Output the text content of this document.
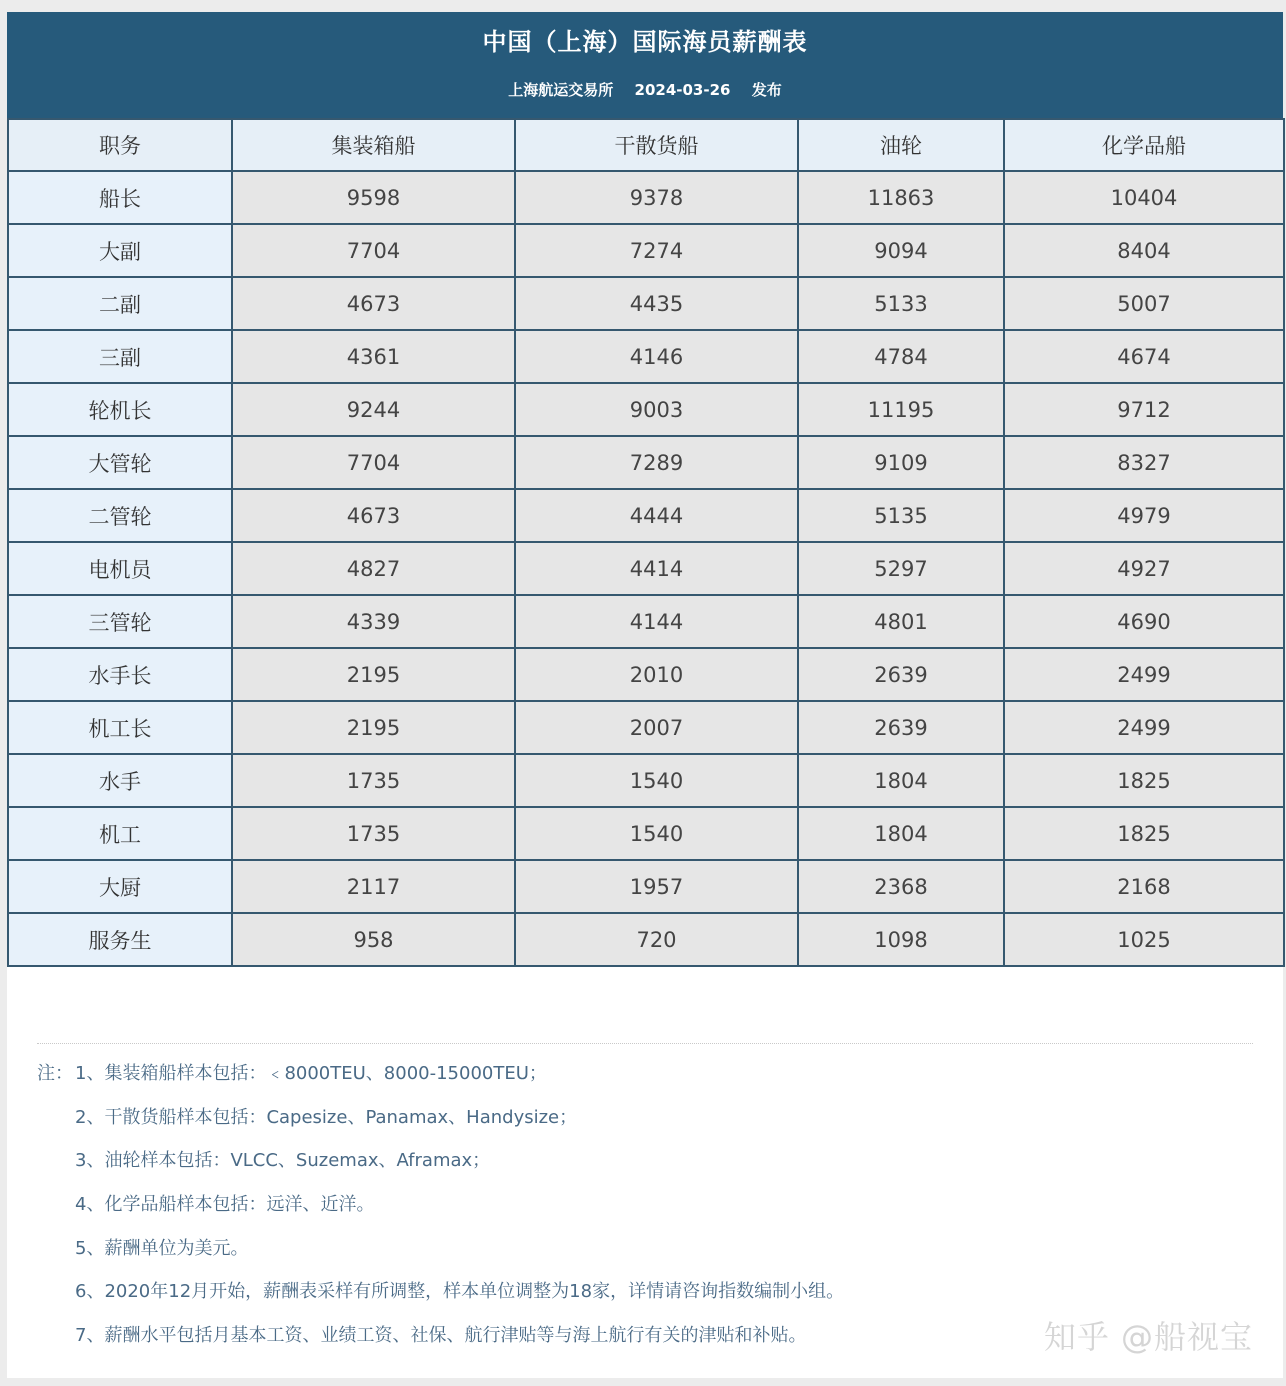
中国（上海）国际海员薪酬表
上海航运交易所 2024-03-26 发布
职务	集装箱船	干散货船	油轮	化学品船
船长	9598	9378	11863	10404
大副	7704	7274	9094	8404
二副	4673	4435	5133	5007
三副	4361	4146	4784	4674
轮机长	9244	9003	11195	9712
大管轮	7704	7289	9109	8327
二管轮	4673	4444	5135	4979
电机员	4827	4414	5297	4927
三管轮	4339	4144	4801	4690
水手长	2195	2010	2639	2499
机工长	2195	2007	2639	2499
水手	1735	1540	1804	1825
机工	1735	1540	1804	1825
大厨	2117	1957	2368	2168
服务生	958	720	1098	1025
注： 1、集装箱船样本包括：﹤8000TEU、8000-15000TEU；
2、干散货船样本包括：Capesize、Panamax、Handysize；
3、油轮样本包括：VLCC、Suzemax、Aframax；
4、化学品船样本包括：远洋、近洋。
5、薪酬单位为美元。
6、2020年12月开始，薪酬表采样有所调整，样本单位调整为18家，详情请咨询指数编制小组。
7、薪酬水平包括月基本工资、业绩工资、社保、航行津贴等与海上航行有关的津贴和补贴。	知乎 @船视宝
